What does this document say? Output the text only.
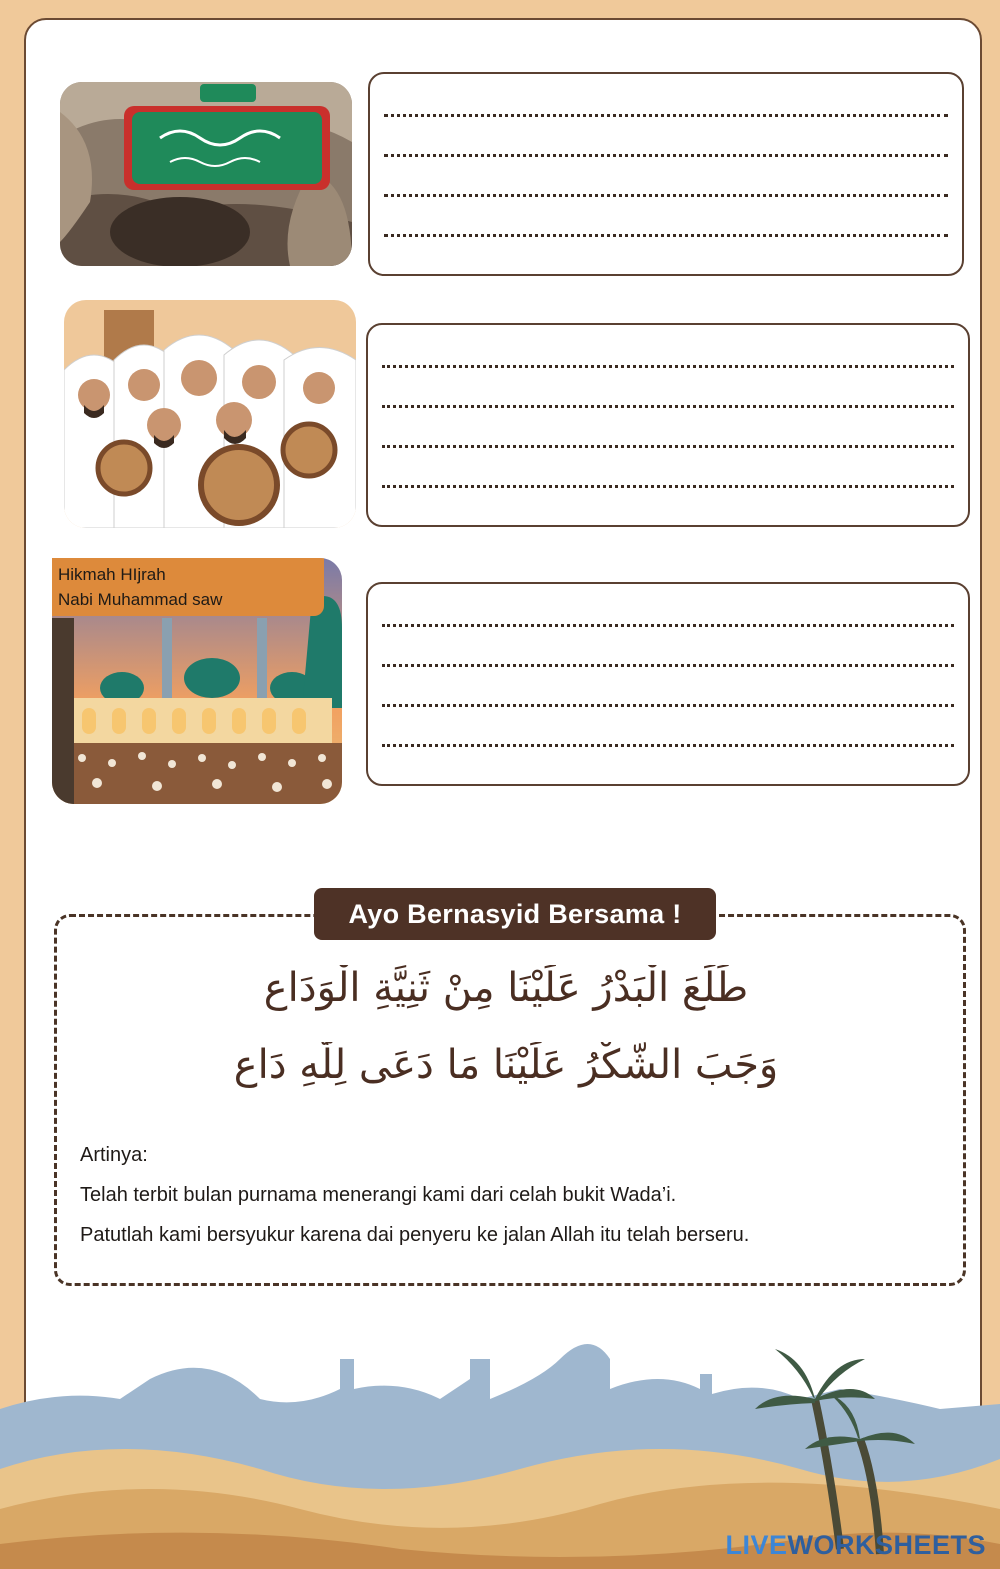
Hikmah HIjrah
Nabi Muhammad saw
Ayo Bernasyid Bersama !
طَلَعَ الْبَدْرُ عَلَيْنَا مِنْ ثَنِيَّةِ الْوَدَاع
وَجَبَ الشُّكْرُ عَلَيْنَا مَا دَعَى لِلّٰهِ دَاع
Artinya:
Telah terbit bulan purnama menerangi kami dari celah bukit Wada’i.
Patutlah kami bersyukur karena dai penyeru ke jalan Allah itu telah berseru.
LIVEWORKSHEETS
